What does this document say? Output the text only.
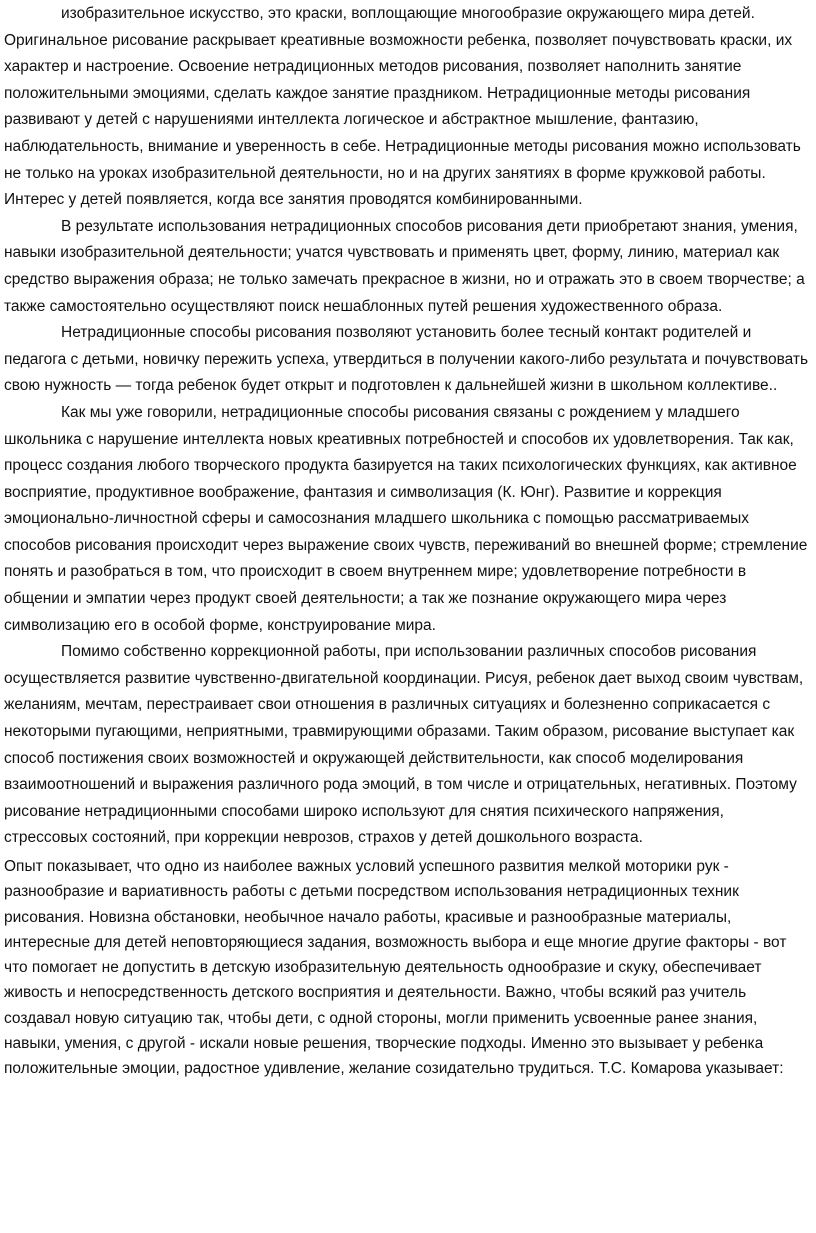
изобразительное искусство, это краски, воплощающие многообразие окружающего мира детей. Оригинальное рисование раскрывает креативные возможности ребенка, позволяет почувствовать краски, их характер и настроение. Освоение нетрадиционных методов рисования, позволяет наполнить занятие положительными эмоциями, сделать каждое занятие праздником. Нетрадиционные методы рисования развивают у детей с нарушениями интеллекта логическое и абстрактное мышление, фантазию, наблюдательность, внимание и уверенность в себе. Нетрадиционные методы рисования можно использовать не только на уроках изобразительной деятельности, но и на других занятиях в форме кружковой работы. Интерес у детей появляется, когда все занятия проводятся комбинированными.

В результате использования нетрадиционных способов рисования дети приобретают знания, умения, навыки изобразительной деятельности; учатся чувствовать и применять цвет, форму, линию, материал как средство выражения образа; не только замечать прекрасное в жизни, но и отражать это в своем творчестве; а также самостоятельно осуществляют поиск нешаблонных путей решения художественного образа.

Нетрадиционные способы рисования позволяют установить более тесный контакт родителей и педагога с детьми, новичку пережить успеха, утвердиться в получении какого-либо результата и почувствовать свою нужность — тогда ребенок будет открыт и подготовлен к дальнейшей жизни в школьном коллективе..

Как мы уже говорили, нетрадиционные способы рисования связаны с рождением у младшего школьника с нарушение интеллекта новых креативных потребностей и способов их удовлетворения. Так как, процесс создания любого творческого продукта базируется на таких психологических функциях, как активное восприятие, продуктивное воображение, фантазия и символизация (К. Юнг). Развитие и коррекция эмоционально-личностной сферы и самосознания младшего школьника с помощью рассматриваемых способов рисования происходит через выражение своих чувств, переживаний во внешней форме; стремление понять и разобраться в том, что происходит в своем внутреннем мире; удовлетворение потребности в общении и эмпатии через продукт своей деятельности; а так же познание окружающего мира через символизацию его в особой форме, конструирование мира.

Помимо собственно коррекционной работы, при использовании различных способов рисования осуществляется развитие чувственно-двигательной координации. Рисуя, ребенок дает выход своим чувствам, желаниям, мечтам, перестраивает свои отношения в различных ситуациях и болезненно соприкасается с некоторыми пугающими, неприятными, травмирующими образами. Таким образом, рисование выступает как способ постижения своих возможностей и окружающей действительности, как способ моделирования взаимоотношений и выражения различного рода эмоций, в том числе и отрицательных, негативных. Поэтому рисование нетрадиционными способами широко используют для снятия психического напряжения, стрессовых состояний, при коррекции неврозов, страхов у детей дошкольного возраста.

Опыт показывает, что одно из наиболее важных условий успешного развития мелкой моторики рук - разнообразие и вариативность работы с детьми посредством использования нетрадиционных техник рисования. Новизна обстановки, необычное начало работы, красивые и разнообразные материалы, интересные для детей неповторяющиеся задания, возможность выбора и еще многие другие факторы - вот что помогает не допустить в детскую изобразительную деятельность однообразие и скуку, обеспечивает живость и непосредственность детского восприятия и деятельности. Важно, чтобы всякий раз учитель создавал новую ситуацию так, чтобы дети, с одной стороны, могли применить усвоенные ранее знания, навыки, умения, с другой - искали новые решения, творческие подходы. Именно это вызывает у ребенка положительные эмоции, радостное удивление, желание созидательно трудиться. Т.С. Комарова указывает:
